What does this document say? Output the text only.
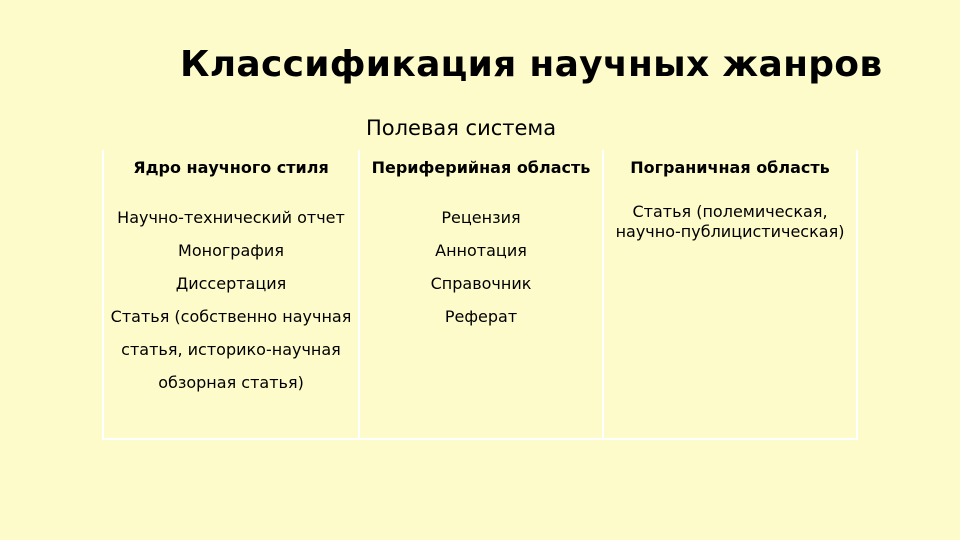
Классификация научных жанров
Полевая система
Ядро научного стиля
Научно-технический отчет
Монография
Диссертация
Статья (собственно научная
статья, историко-научная
обзорная статья)
Периферийная область
Рецензия
Аннотация
Справочник
Реферат
Пограничная область
Статья (полемическая,
научно-публицистическая)
